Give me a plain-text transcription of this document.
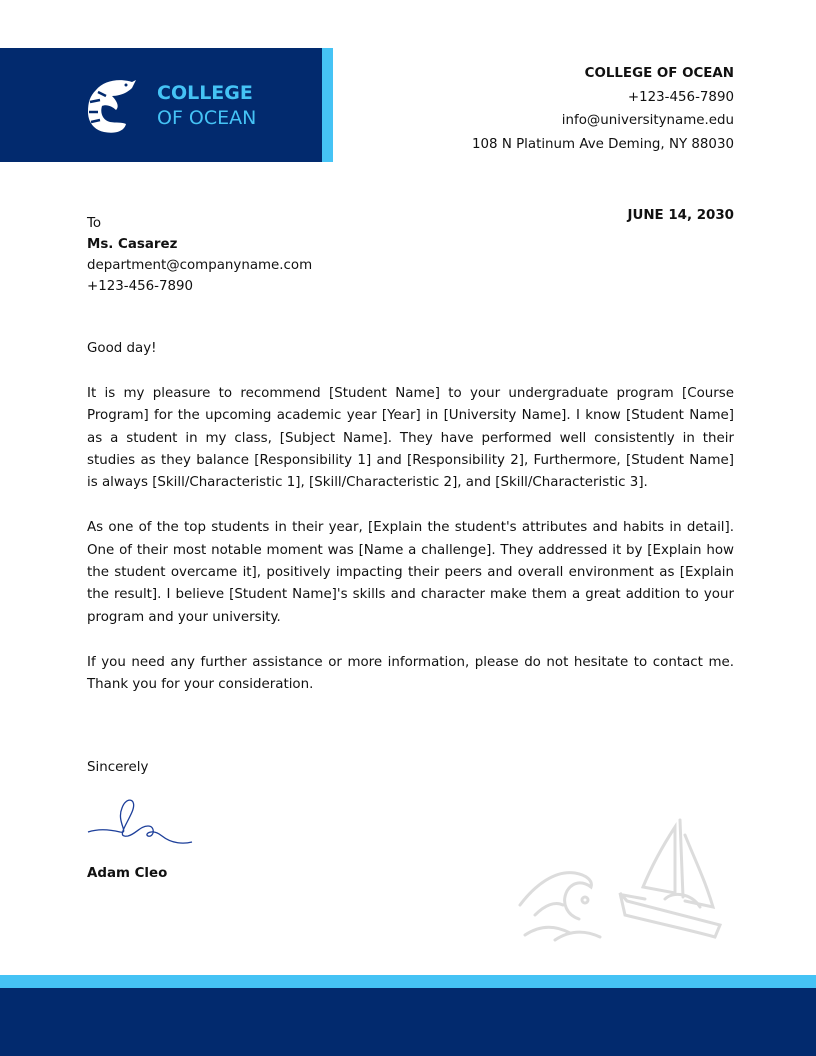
COLLEGE
OF OCEAN
COLLEGE OF OCEAN
+123-456-7890
info@universityname.edu
108 N Platinum Ave Deming, NY 88030
JUNE 14, 2030
To
Ms. Casarez
department@companyname.com
+123-456-7890

Good day!

It is my pleasure to recommend [Student Name] to your undergraduate program [Course Program] for the upcoming academic year [Year] in [University Name]. I know [Student Name] as a student in my class, [Subject Name]. They have performed well consistently in their studies as they balance [Responsibility 1] and [Responsibility 2], Furthermore, [Student Name] is always [Skill/Characteristic 1], [Skill/Characteristic 2], and [Skill/Characteristic 3].

As one of the top students in their year, [Explain the student's attributes and habits in detail]. One of their most notable moment was [Name a challenge]. They addressed it by [Explain how the student overcame it], positively impacting their peers and overall environment as [Explain the result]. I believe [Student Name]'s skills and character make them a great addition to your program and your university.

If you need any further assistance or more information, please do not hesitate to contact me. Thank you for your consideration.

Sincerely
Adam Cleo
